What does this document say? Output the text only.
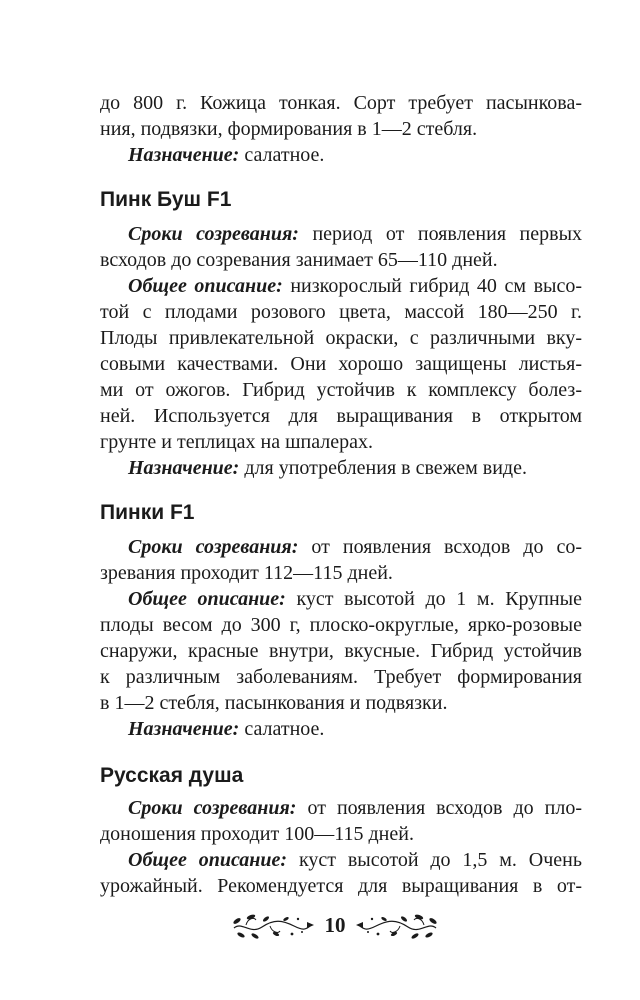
до 800 г. Кожица тонкая. Сорт требует пасынкова-
ния, подвязки, формирования в 1—2 стебля.
Назначение: салатное.
Пинк Буш F1
Сроки созревания: период от появления первых
всходов до созревания занимает 65—110 дней.
Общее описание: низкорослый гибрид 40 см высо-
той с плодами розового цвета, массой 180—250 г.
Плоды привлекательной окраски, с различными вку-
совыми качествами. Они хорошо защищены листья-
ми от ожогов. Гибрид устойчив к комплексу болез-
ней. Используется для выращивания в открытом
грунте и теплицах на шпалерах.
Назначение: для употребления в свежем виде.
Пинки F1
Сроки созревания: от появления всходов до со-
зревания проходит 112—115 дней.
Общее описание: куст высотой до 1 м. Крупные
плоды весом до 300 г, плоско-округлые, ярко-розовые
снаружи, красные внутри, вкусные. Гибрид устойчив
к различным заболеваниям. Требует формирования
в 1—2 стебля, пасынкования и подвязки.
Назначение: салатное.
Русская душа
Сроки созревания: от появления всходов до пло-
доношения проходит 100—115 дней.
Общее описание: куст высотой до 1,5 м. Очень
урожайный. Рекомендуется для выращивания в от-
10
